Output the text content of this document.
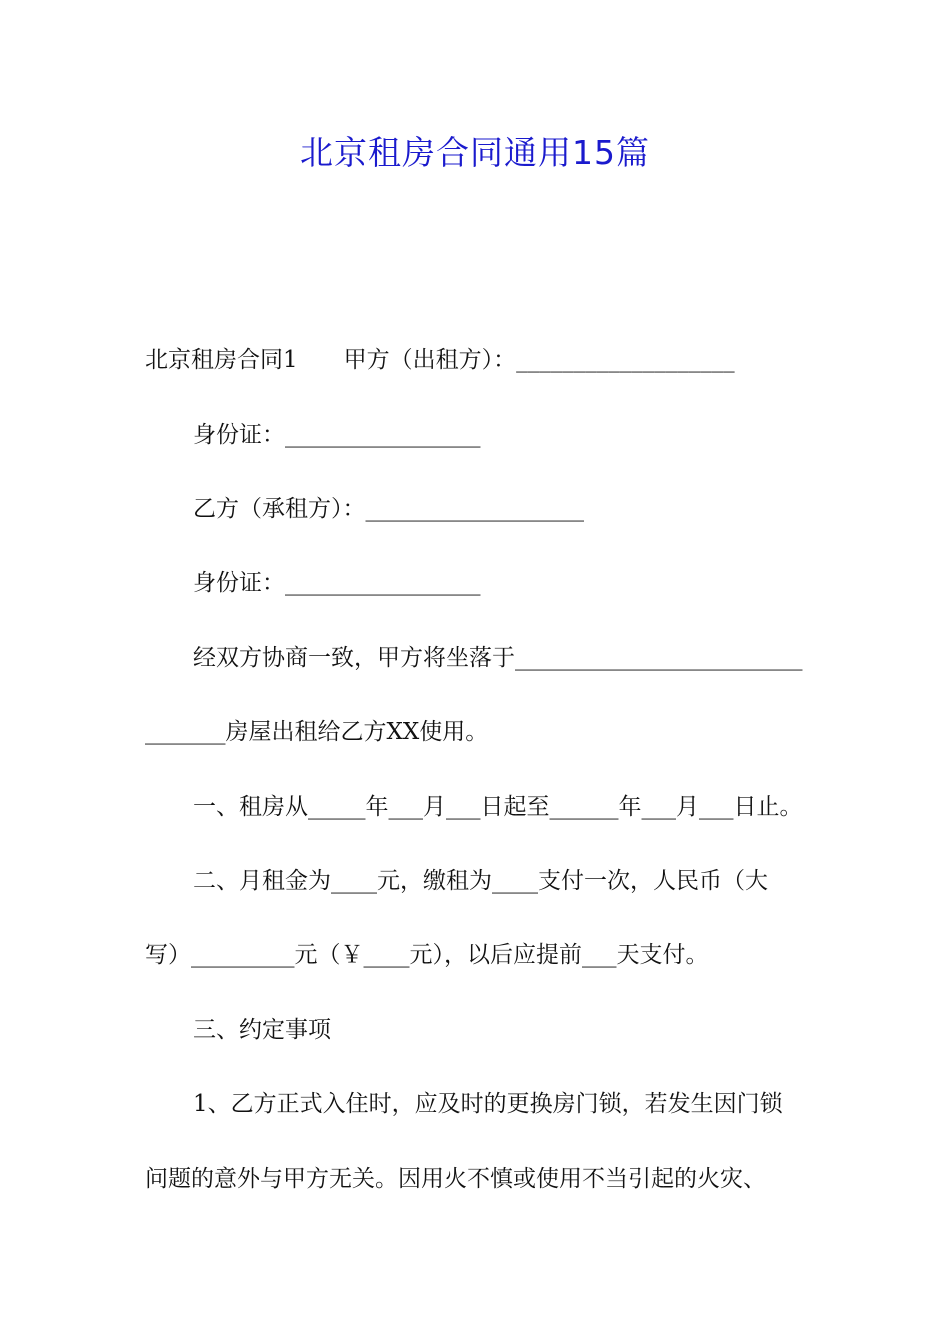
北京租房合同通用15篇
北京租房合同1　　甲方（出租方）：___________________
身份证：_________________
乙方（承租方）：___________________
身份证：_________________
经双方协商一致，甲方将坐落于_________________________
_______房屋出租给乙方XX使用。
一、租房从_____年___月___日起至______年___月___日止。
二、月租金为____元，缴租为____支付一次，人民币（大
写）_________元（￥____元），以后应提前___天支付。
三、约定事项
1、乙方正式入住时，应及时的更换房门锁，若发生因门锁
问题的意外与甲方无关。因用火不慎或使用不当引起的火灾、
